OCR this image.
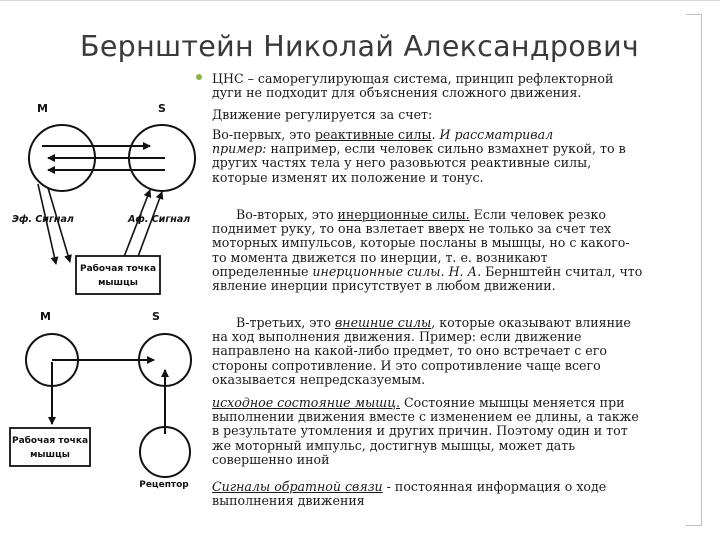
Бернштейн Николай Александрович
M	S
Эф. Сигнал	Аф. Сигнал
Рабочая точка
мышцы
M	S
Рабочая точка
мышцы
Рецептор
ЦНС – саморегулирующая система, принцип рефлекторной
дуги не подходит для объяснения сложного движения.
Движение регулируется за счет:
Во-первых, это реактивные силы. И рассматривал
пример: например, если человек сильно взмахнет рукой, то в
других частях тела у него разовьются реактивные силы,
которые изменят их положение и тонус.
Во-вторых, это инерционные силы. Если человек резко
поднимет руку, то она взлетает вверх не только за счет тех
моторных импульсов, которые посланы в мышцы, но с какого-
то момента движется по инерции, т. е. возникают
определенные инерционные силы. Н. А. Бернштейн считал, что
явление инерции присутствует в любом движении.
В-третьих, это внешние силы, которые оказывают влияние
на ход выполнения движения. Пример: если движение
направлено на какой-либо предмет, то оно встречает с его
стороны сопротивление. И это сопротивление чаще всего
оказывается непредсказуемым.
исходное состояние мышц. Состояние мышцы меняется при
выполнении движения вместе с изменением ее длины, а также
в результате утомления и других причин. Поэтому один и тот
же моторный импульс, достигнув мышцы, может дать
совершенно иной
Сигналы обратной связи - постоянная информация о ходе
выполнения движения
